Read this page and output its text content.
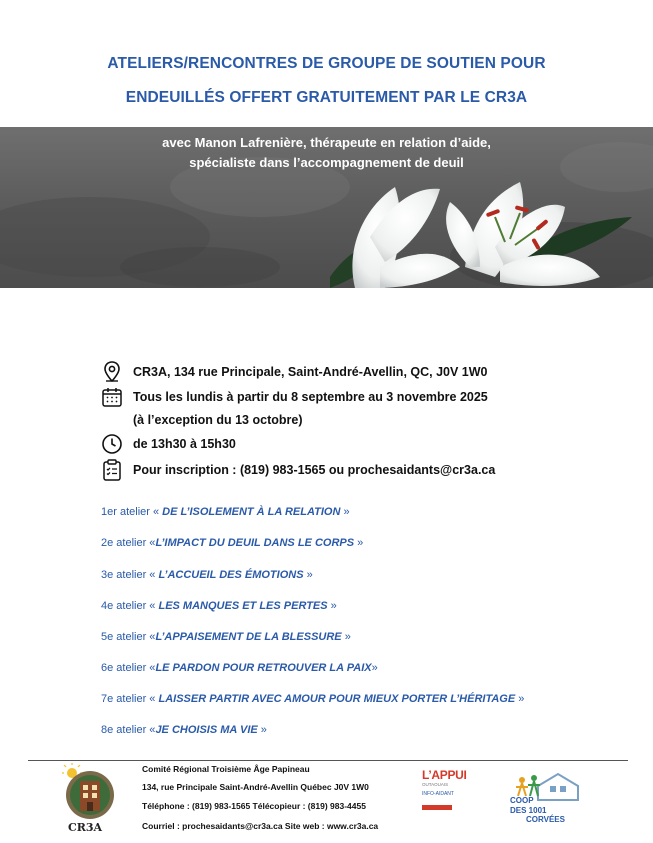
ATELIERS/RENCONTRES DE GROUPE DE SOUTIEN POUR
ENDEUILLÉS OFFERT GRATUITEMENT PAR LE CR3A
avec Manon Lafrenière, thérapeute en relation d’aide,
spécialiste dans l’accompagnement de deuil
CR3A, 134 rue Principale, Saint-André-Avellin, QC, J0V 1W0
Tous les lundis à partir du 8 septembre au 3 novembre 2025
(à l’exception du 13 octobre)
de 13h30 à 15h30
Pour inscription : (819) 983-1565 ou prochesaidants@cr3a.ca
1er atelier « DE L’ISOLEMENT À LA RELATION »
2e atelier «L’IMPACT DU DEUIL DANS LE CORPS »
3e atelier « L’ACCUEIL DES ÉMOTIONS »
4e atelier « LES MANQUES ET LES PERTES »
5e atelier «L’APPAISEMENT DE LA BLESSURE »
6e atelier «LE PARDON POUR RETROUVER LA PAIX»
7e atelier « LAISSER PARTIR AVEC AMOUR POUR MIEUX PORTER L’HÉRITAGE »
8e atelier «JE CHOISIS MA VIE »
CR3A
Comité Régional Troisième Âge Papineau
134, rue Principale Saint-André-Avellin Québec J0V 1W0
Téléphone : (819) 983-1565 Télécopieur : (819) 983-4455
Courriel : prochesaidants@cr3a.ca Site web : www.cr3a.ca
L’APPUI
OUTAOUAIS
INFO-AIDANT
COOP
DES 1001
CORVÉES
